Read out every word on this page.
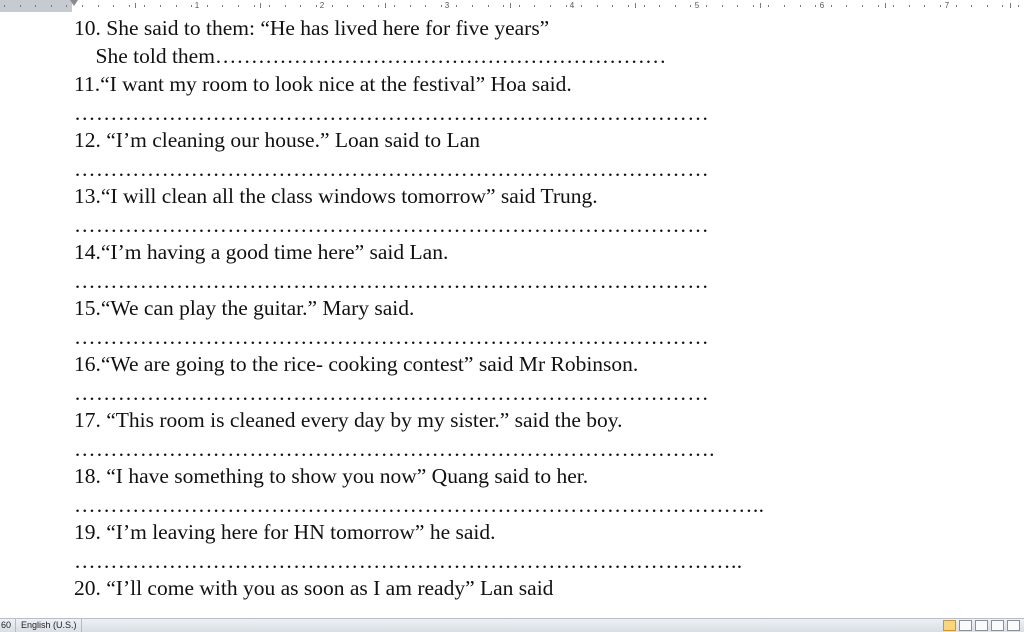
1	2	3	4	5	6	7
10. She said to them: “He has lived here for five years”
She told them………………………………………………………
11.“I want my room to look nice at the festival” Hoa said.
……………………………………………………………………………
12. “I’m cleaning our house.” Loan said to Lan
……………………………………………………………………………
13.“I will clean all the class windows tomorrow” said Trung.
……………………………………………………………………………
14.“I’m having a good time here” said Lan.
……………………………………………………………………………
15.“We can play the guitar.” Mary said.
……………………………………………………………………………
16.“We are going to the rice- cooking contest” said Mr Robinson.
……………………………………………………………………………
17. “This room is cleaned every day by my sister.” said the boy.
…………………………………………………………………………….
18. “I have something to show you now” Quang said to her.
…………………………………………………………………………………..
19. “I’m leaving here for HN tomorrow” he said.
………………………………………………………………………………..
20. “I’ll come with you as soon as I am ready” Lan said
60	English (U.S.)
